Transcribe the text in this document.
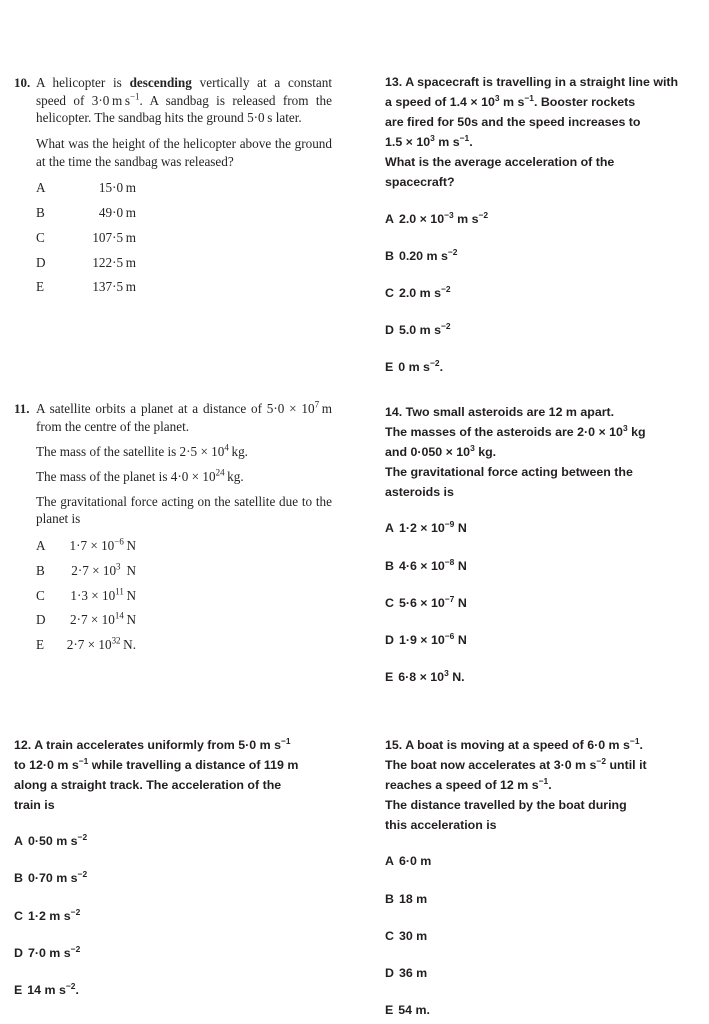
10. A helicopter is descending vertically at a constant speed of 3·0 m $s^{-1}$. A sandbag is released from the helicopter. The sandbag hits the ground 5·0 s later.

What was the height of the helicopter above the ground at the time the sandbag was released?

A	15·0 m
B	49·0 m
C	107·5 m
D	122·5 m
E	137·5 m
11. A satellite orbits a planet at a distance of $5\cdot 0 \times 10^7$ m from the centre of the planet.

The mass of the satellite is $2\cdot 5 \times 10^4$ kg.

The mass of the planet is $4\cdot 0 \times 10^{24}$ kg.

The gravitational force acting on the satellite due to the planet is

A	$1\cdot 7 \times 10^{-6}$ N
B	$2\cdot 7 \times 10^3$  N
C	$1\cdot 3 \times 10^{11}$ N
D	$2\cdot 7 \times 10^{14}$ N
E	$2\cdot 7 \times 10^{32}$ N.

12. A train accelerates uniformly from 5·0 m $s^{-1}$

to 12·0 m $s^{-1}$ while travelling a distance of 119 m

along a straight track. The acceleration of the

train is

A 0·50 m $s^{-2}$
B 0·70 m $s^{-2}$
C 1·2 m $s^{-2}$
D 7·0 m $s^{-2}$
E 14 m $s^{-2}$.

13. A spacecraft is travelling in a straight line with

a speed of $1.4 \times 10^3$ m $s^{-1}$. Booster rockets

are fired for 50s and the speed increases to

$1.5 \times 10^3$ m $s^{-1}$.

What is the average acceleration of the

spacecraft?

A $2.0 \times 10^{-3}$ m $s^{-2}$
B 0.20 m $s^{-2}$
C 2.0 m $s^{-2}$
D 5.0 m $s^{-2}$
E 0 m $s^{-2}$.

14. Two small asteroids are 12 m apart.

The masses of the asteroids are $2\cdot 0 \times 10^3$ kg

and $0\cdot 050 \times 10^3$ kg.

The gravitational force acting between the

asteroids is

A $1\cdot 2 \times 10^{-9}$ N
B $4\cdot 6 \times 10^{-8}$ N
C $5\cdot 6 \times 10^{-7}$ N
D $1\cdot 9 \times 10^{-6}$ N
E $6\cdot 8 \times 10^3$ N.

15. A boat is moving at a speed of 6·0 m $s^{-1}$.

The boat now accelerates at 3·0 m $s^{-2}$ until it

reaches a speed of 12 m $s^{-1}$.

The distance travelled by the boat during

this acceleration is

A 6·0 m
B 18 m
C 30 m
D 36 m
E 54 m.
